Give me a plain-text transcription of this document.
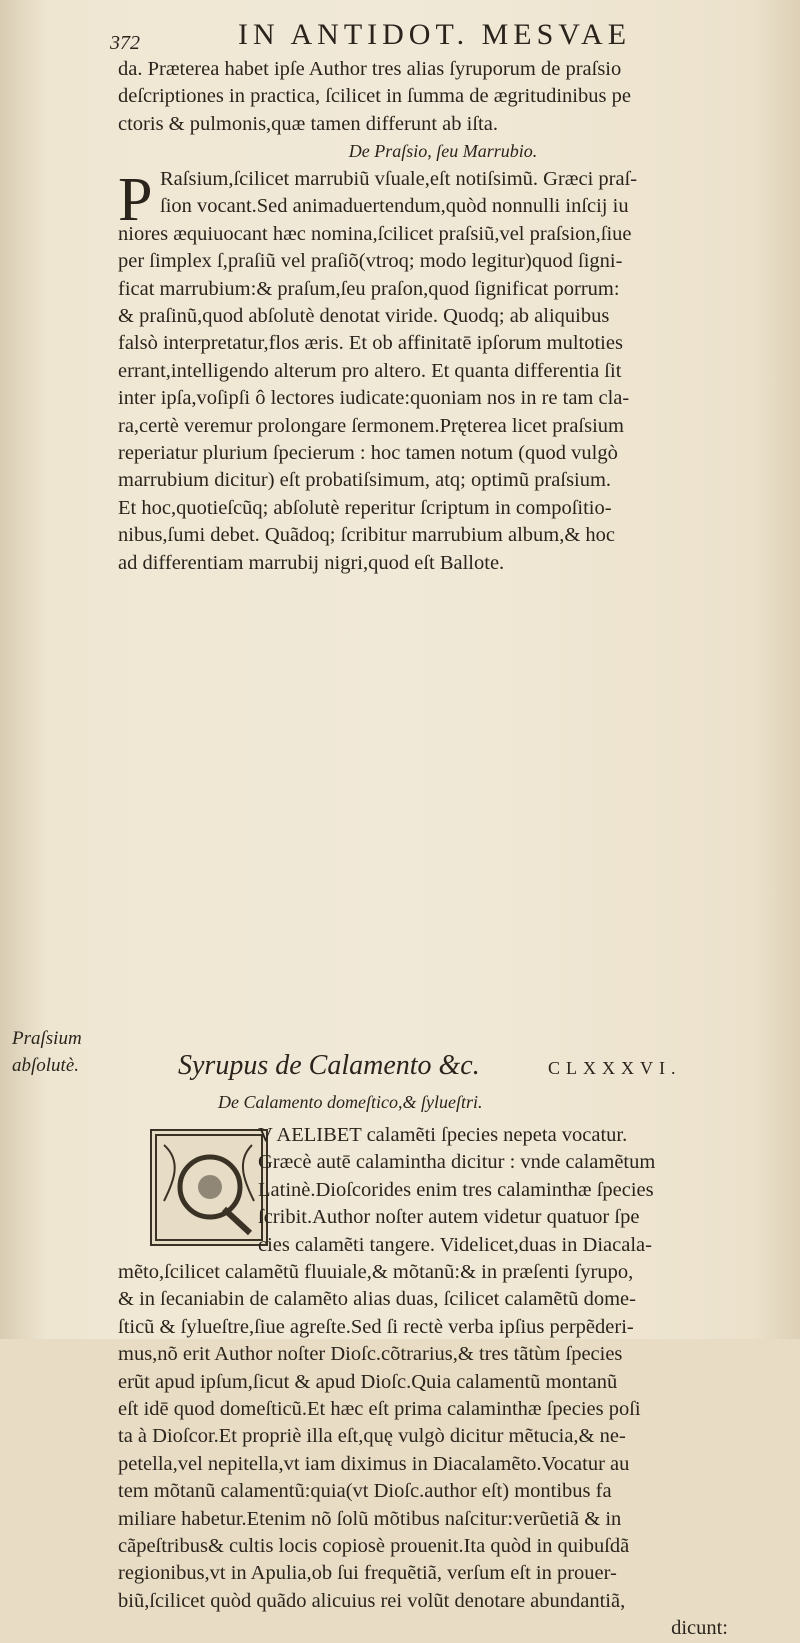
372	IN ANTIDOT. MESVAE
da. Præterea habet ipſe Author tres alias ſyruporum de praſsio
deſcriptiones in practica, ſcilicet in ſumma de ægritudinibus pe
ctoris & pulmonis,quæ tamen differunt ab iſta.
De Praſsio, ſeu Marrubio.
P Raſsium,ſcilicet marrubiũ vſuale,eſt notiſsimũ. Græci praſ-
ſion vocant.Sed animaduertendum,quòd nonnulli inſcij iu
niores æquiuocant hæc nomina,ſcilicet praſsiũ,vel praſsion,ſiue
per ſimplex ſ,praſiũ vel praſiõ(vtroq; modo legitur)quod ſigni-
ficat marrubium:& praſum,ſeu praſon,quod ſignificat porrum:
& praſinũ,quod abſolutè denotat viride. Quodq; ab aliquibus
falsò interpretatur,flos æris. Et ob affinitatē ipſorum multoties
errant,intelligendo alterum pro altero. Et quanta differentia ſit
inter ipſa,voſipſi ô lectores iudicate:quoniam nos in re tam cla-
ra,certè veremur prolongare ſermonem.Pręterea licet praſsium
reperiatur plurium ſpecierum : hoc tamen notum (quod vulgò
marrubium dicitur) eſt probatiſsimum, atq; optimũ praſsium.
Et hoc,quotieſcũq; abſolutè reperitur ſcriptum in compoſitio-
nibus,ſumi debet. Quãdoq; ſcribitur marrubium album,& hoc
ad differentiam marrubij nigri,quod eſt Ballote.
Praſsium
abſolutè.	Syrupus de Calamento &c.	CLXXXVI.
De Calamento domeſtico,& ſylueſtri.
V AELIBET calamẽti ſpecies nepeta vocatur.
Græcè autē calamintha dicitur : vnde calamẽtum
Latinè.Dioſcorides enim tres calaminthæ ſpecies
ſcribit.Author noſter autem videtur quatuor ſpe
cies calamẽti tangere. Videlicet,duas in Diacala-
mẽto,ſcilicet calamẽtũ fluuiale,& mõtanũ:& in præſenti ſyrupo,
& in ſecaniabin de calamẽto alias duas, ſcilicet calamẽtũ dome-
ſticũ & ſylueſtre,ſiue agreſte.Sed ſi rectè verba ipſius perpẽderi-
mus,nõ erit Author noſter Dioſc.cõtrarius,& tres tãtùm ſpecies
erũt apud ipſum,ſicut & apud Dioſc.Quia calamentũ montanũ
eſt idē quod domeſticũ.Et hæc eſt prima calaminthæ ſpecies poſi
ta à Dioſcor.Et propriè illa eſt,quę vulgò dicitur mẽtucia,& ne-
petella,vel nepitella,vt iam diximus in Diacalamẽto.Vocatur au
tem mõtanũ calamentũ:quia(vt Dioſc.author eſt) montibus fa
miliare habetur.Etenim nõ ſolũ mõtibus naſcitur:verũetiã & in
cãpeſtribus& cultis locis copiosè prouenit.Ita quòd in quibuſdã
regionibus,vt in Apulia,ob ſui frequẽtiã, verſum eſt in prouer-
biũ,ſcilicet quòd quãdo alicuius rei volũt denotare abundantiã,
dicunt:
